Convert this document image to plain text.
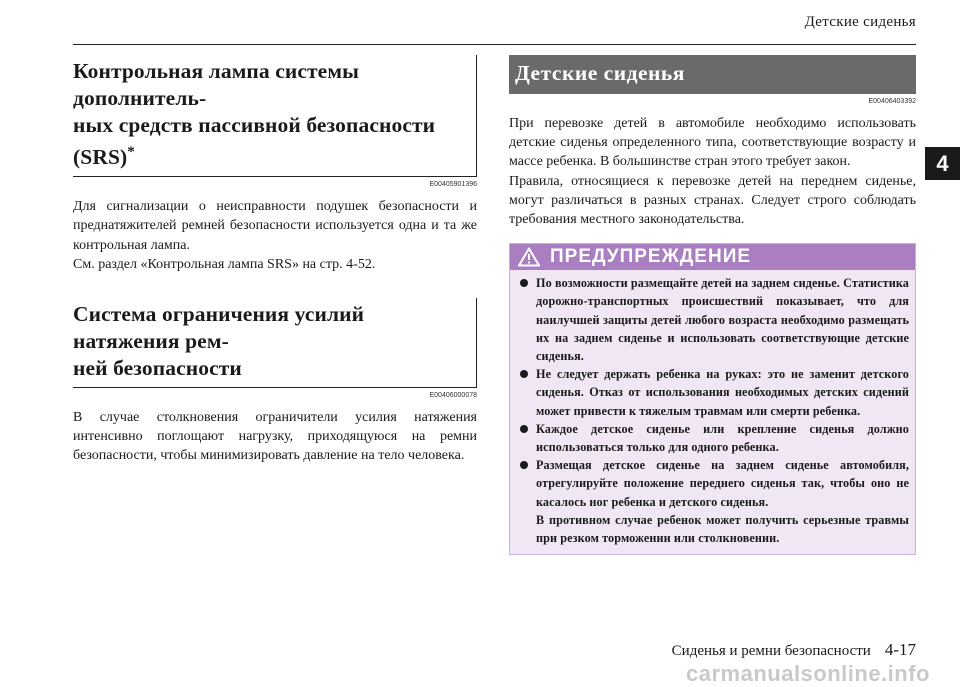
Детские сиденья
4
Контрольная лампа системы дополнитель-
ных средств пассивной безопасности (SRS)*
E00405901396

Для сигнализации о неисправности подушек безопасности и преднатяжителей ремней безопасности используется одна и та же контрольная лампа.

См. раздел «Контрольная лампа SRS» на стр. 4-52.

Система ограничения усилий натяжения рем-
ней безопасности
E00406000078

В случае столкновения ограничители усилия натяжения интенсивно поглощают нагрузку, приходящуюся на ремни безопасности, чтобы минимизировать давление на тело человека.

Детские сиденья
E00406403392

При перевозке детей в автомобиле необходимо использовать детские сиденья определенного типа, соответствующие возрасту и массе ребенка. В большинстве стран этого требует закон.

Правила, относящиеся к перевозке детей на переднем сиденье, могут различаться в разных странах. Следует строго соблюдать требования местного законодательства.

ПРЕДУПРЕЖДЕНИЕ
По возможности размещайте детей на заднем сиденье. Статистика дорожно-транспортных происшествий показывает, что для наилучшей защиты детей любого возраста необходимо размещать их на заднем сиденье и использовать соответствующие детские сиденья.
Не следует держать ребенка на руках: это не заменит детского сиденья. Отказ от использования необходимых детских сидений может привести к тяжелым травмам или смерти ребенка.
Каждое детское сиденье или крепление сиденья должно использоваться только для одного ребенка.
Размещая детское сиденье на заднем сиденье автомобиля, отрегулируйте положение переднего сиденья так, чтобы оно не касалось ног ребенка и детского сиденья.
В противном случае ребенок может получить серьезные травмы при резком торможении или столкновении.
Сиденья и ремни безопасности 4-17
carmanualsonline.info
